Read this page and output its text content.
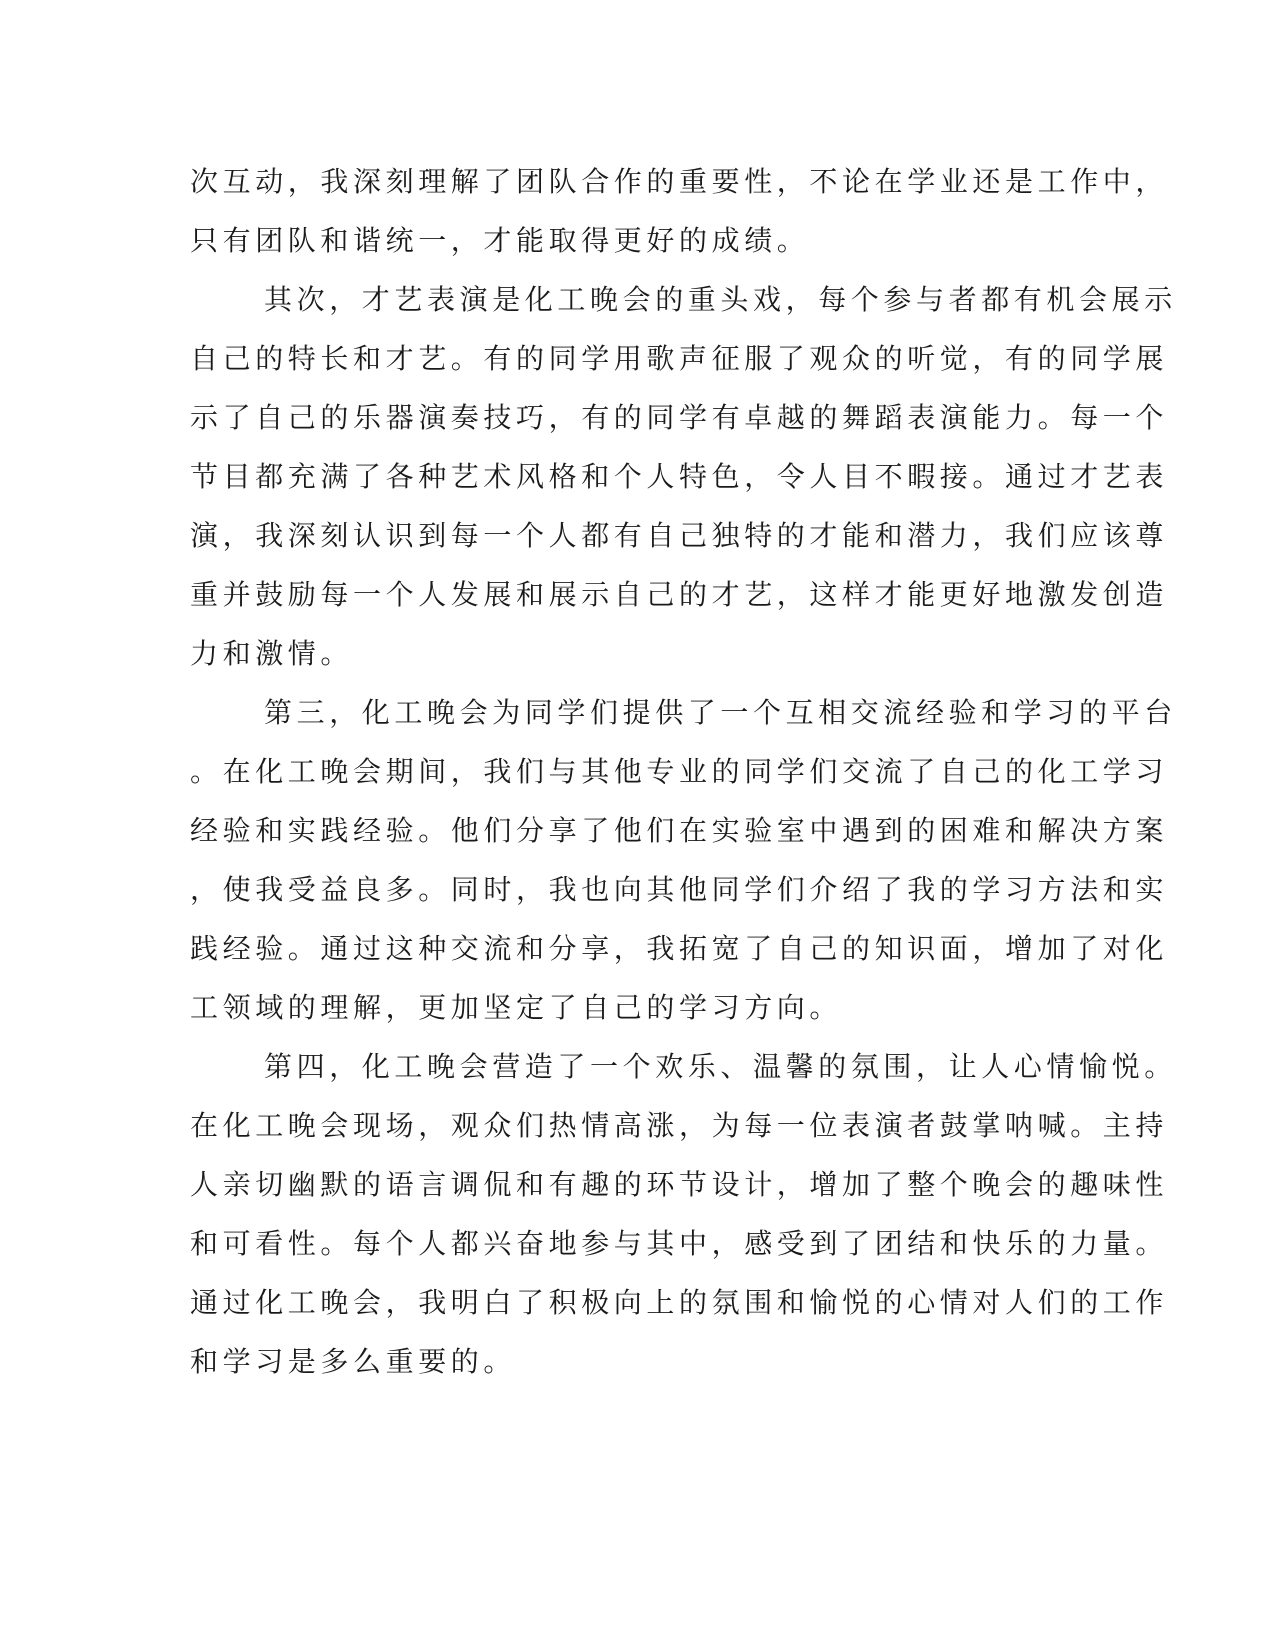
次互动，我深刻理解了团队合作的重要性，不论在学业还是工作中，
只有团队和谐统一，才能取得更好的成绩。
其次，才艺表演是化工晚会的重头戏，每个参与者都有机会展示
自己的特长和才艺。有的同学用歌声征服了观众的听觉，有的同学展
示了自己的乐器演奏技巧，有的同学有卓越的舞蹈表演能力。每一个
节目都充满了各种艺术风格和个人特色，令人目不暇接。通过才艺表
演，我深刻认识到每一个人都有自己独特的才能和潜力，我们应该尊
重并鼓励每一个人发展和展示自己的才艺，这样才能更好地激发创造
力和激情。
第三，化工晚会为同学们提供了一个互相交流经验和学习的平台
。在化工晚会期间，我们与其他专业的同学们交流了自己的化工学习
经验和实践经验。他们分享了他们在实验室中遇到的困难和解决方案
，使我受益良多。同时，我也向其他同学们介绍了我的学习方法和实
践经验。通过这种交流和分享，我拓宽了自己的知识面，增加了对化
工领域的理解，更加坚定了自己的学习方向。
第四，化工晚会营造了一个欢乐、温馨的氛围，让人心情愉悦。
在化工晚会现场，观众们热情高涨，为每一位表演者鼓掌呐喊。主持
人亲切幽默的语言调侃和有趣的环节设计，增加了整个晚会的趣味性
和可看性。每个人都兴奋地参与其中，感受到了团结和快乐的力量。
通过化工晚会，我明白了积极向上的氛围和愉悦的心情对人们的工作
和学习是多么重要的。
